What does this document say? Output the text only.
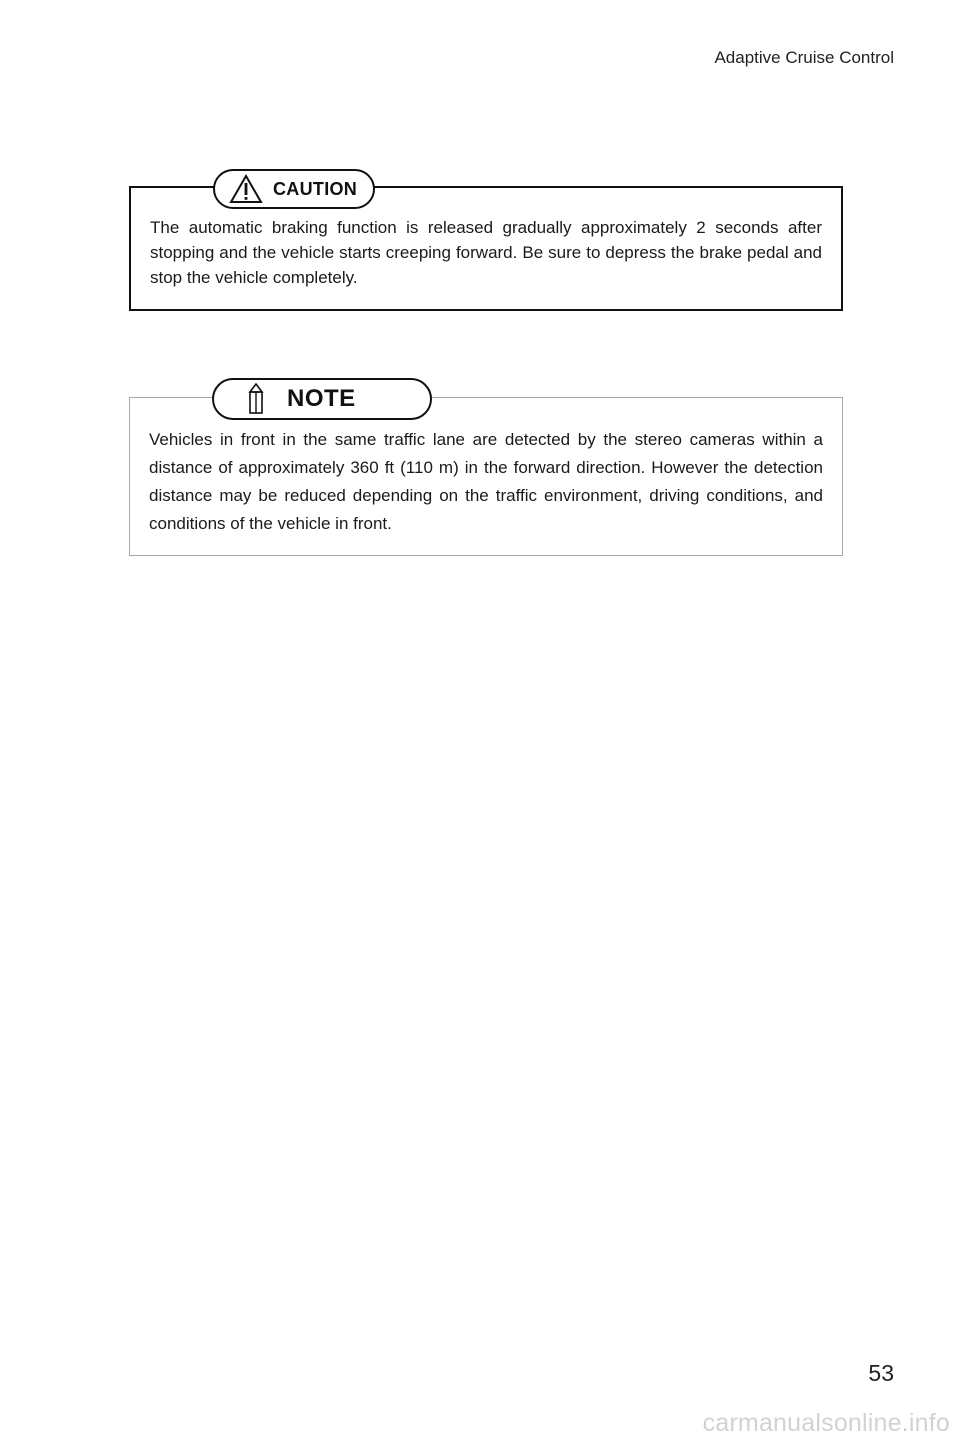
Adaptive Cruise Control
CAUTION

The automatic braking function is released gradually approximately 2 seconds after stopping and the vehicle starts creeping forward. Be sure to depress the brake pedal and stop the vehicle completely.

NOTE

Vehicles in front in the same traffic lane are detected by the stereo cameras within a distance of approximately 360 ft (110 m) in the forward direction. However the detection distance may be reduced depending on the traffic environment, driving conditions, and conditions of the vehicle in front.

53
carmanualsonline.info
